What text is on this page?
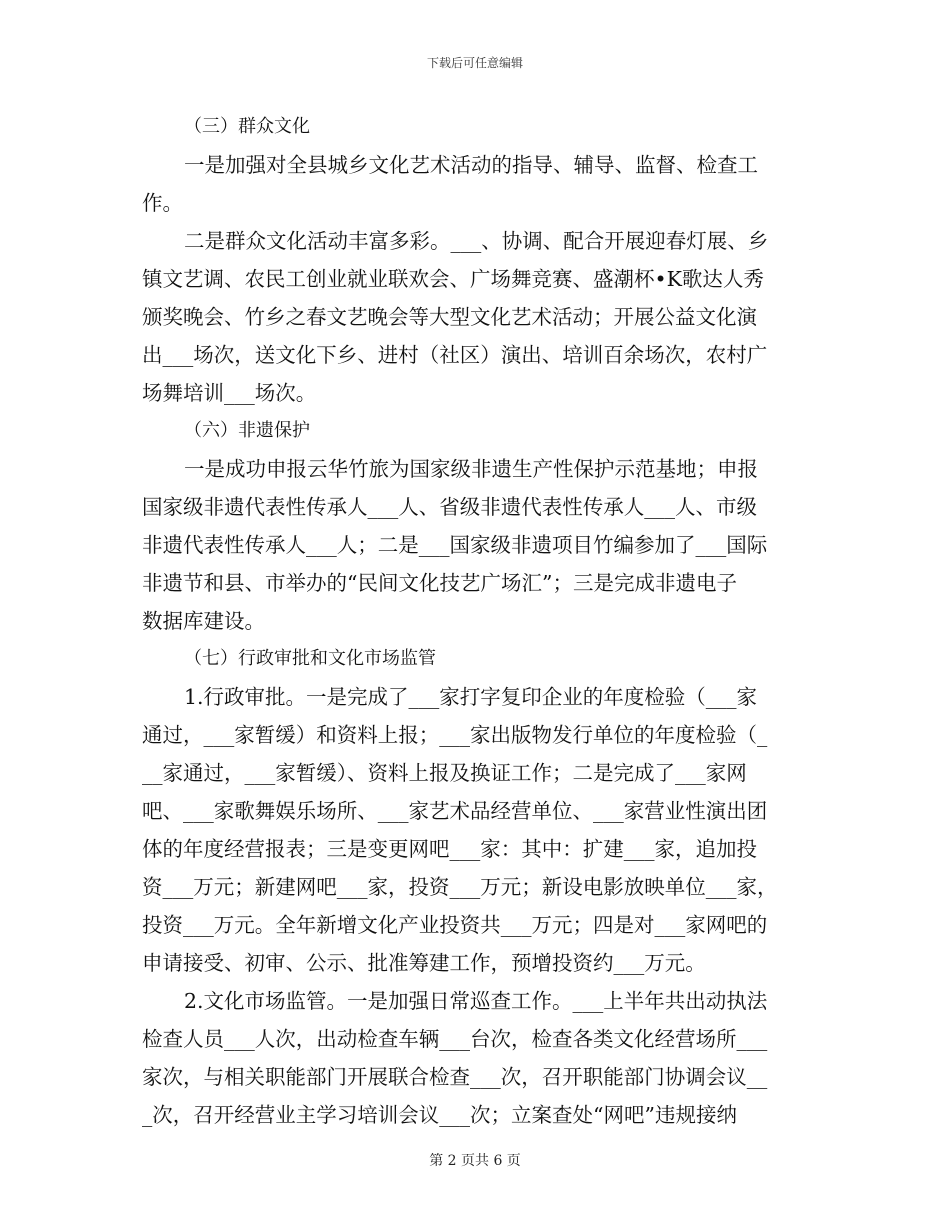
下载后可任意编辑
（三）群众文化
一是加强对全县城乡文化艺术活动的指导、辅导、监督、检查工
作。
二是群众文化活动丰富多彩。___、协调、配合开展迎春灯展、乡
镇文艺调、农民工创业就业联欢会、广场舞竞赛、盛潮杯•K歌达人秀
颁奖晚会、竹乡之春文艺晚会等大型文化艺术活动；开展公益文化演
出___场次，送文化下乡、进村（社区）演出、培训百余场次，农村广
场舞培训___场次。
（六）非遗保护
一是成功申报云华竹旅为国家级非遗生产性保护示范基地；申报
国家级非遗代表性传承人___人、省级非遗代表性传承人___人、市级
非遗代表性传承人___人；二是___国家级非遗项目竹编参加了___国际
非遗节和县、市举办的“民间文化技艺广场汇”；三是完成非遗电子
数据库建设。
（七）行政审批和文化市场监管
1.行政审批。一是完成了___家打字复印企业的年度检验（___家
通过，___家暂缓）和资料上报；___家出版物发行单位的年度检验（_
__家通过，___家暂缓）、资料上报及换证工作；二是完成了___家网
吧、___家歌舞娱乐场所、___家艺术品经营单位、___家营业性演出团
体的年度经营报表；三是变更网吧___家：其中：扩建___家，追加投
资___万元；新建网吧___家，投资___万元；新设电影放映单位___家，
投资___万元。全年新增文化产业投资共___万元；四是对___家网吧的
申请接受、初审、公示、批准筹建工作，预增投资约___万元。
2.文化市场监管。一是加强日常巡查工作。___上半年共出动执法
检查人员___人次，出动检查车辆___台次，检查各类文化经营场所___
家次，与相关职能部门开展联合检查___次，召开职能部门协调会议__
_次，召开经营业主学习培训会议___次；立案查处“网吧”违规接纳
第 2 页共 6 页
